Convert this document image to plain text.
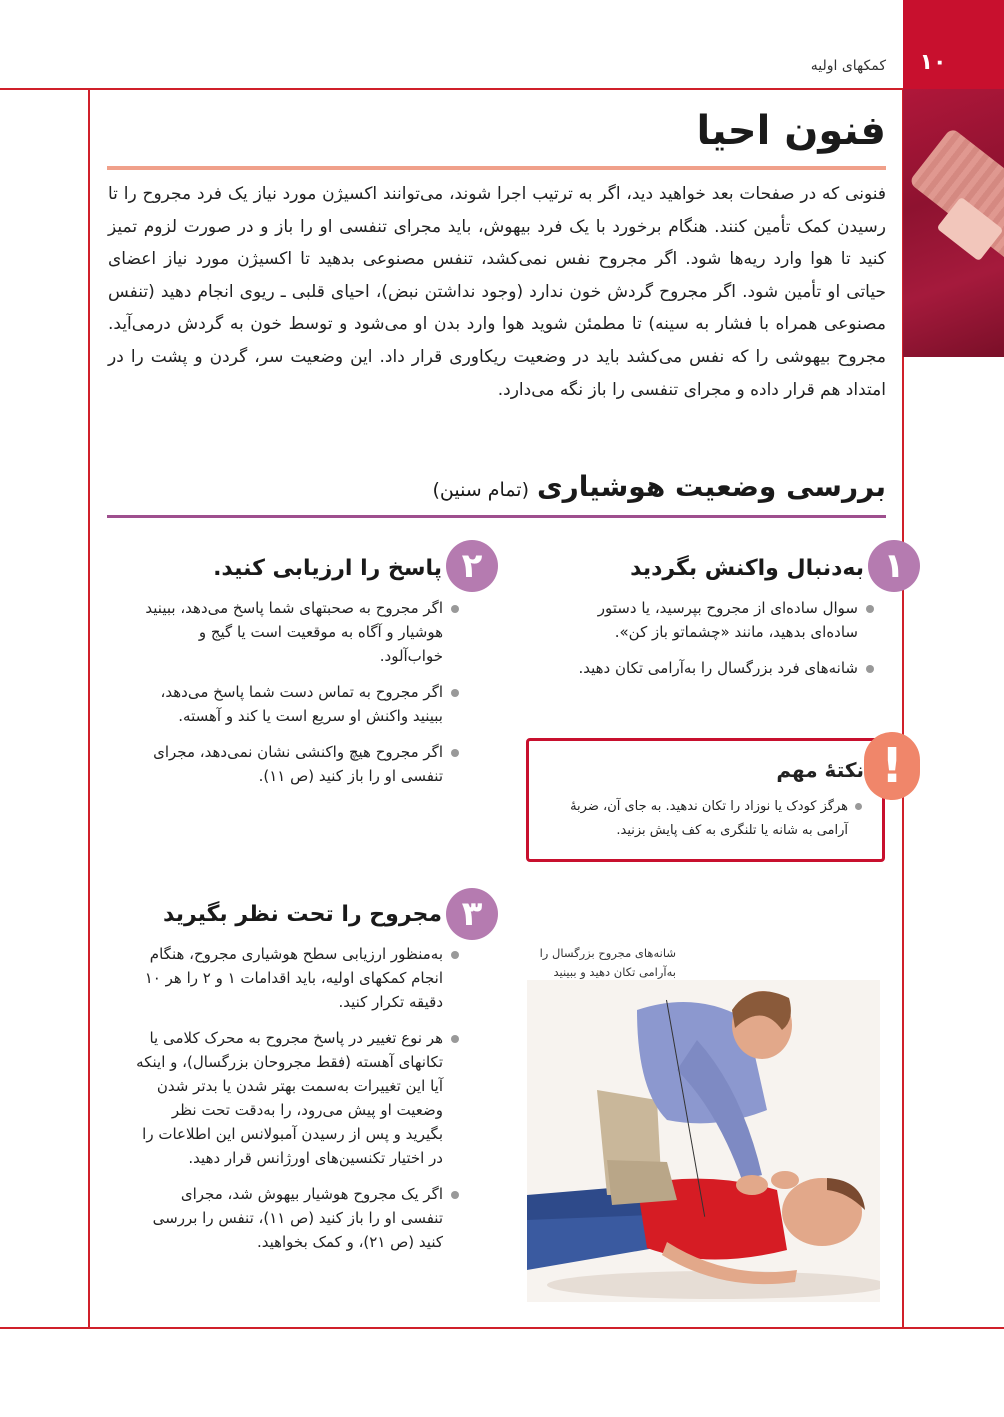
۱۰
کمکهای اولیه
فنون احیا

فنونی که در صفحات بعد خواهید دید، اگر به ترتیب اجرا شوند، می‌توانند اکسیژن مورد نیاز یک فرد مجروح را تا رسیدن کمک تأمین کنند. هنگام برخورد با یک فرد بیهوش، باید مجرای تنفسی او را باز و در صورت لزوم تمیز کنید تا هوا وارد ریه‌ها شود. اگر مجروح نفس نمی‌کشد، تنفس مصنوعی بدهید تا اکسیژن مورد نیاز اعضای حیاتی او تأمین شود. اگر مجروح گردش خون ندارد (وجود نداشتن نبض)، احیای قلبی ـ ریوی انجام دهید (تنفس مصنوعی همراه با فشار به سینه) تا مطمئن شوید هوا وارد بدن او می‌شود و توسط خون به گردش درمی‌آید. مجروح بیهوشی را که نفس می‌کشد باید در وضعیت ریکاوری قرار داد. این وضعیت سر، گردن و پشت را در امتداد هم قرار داده و مجرای تنفسی را باز نگه می‌دارد.

بررسی وضعیت هوشیاری(تمام سنین)
۱
به‌دنبال واکنش بگردید
سوال ساده‌ای از مجروح بپرسید، یا دستور ساده‌ای بدهید، مانند «چشماتو باز کن».
شانه‌های فرد بزرگسال را به‌آرامی تکان دهید.
۲
پاسخ را ارزیابی کنید.
اگر مجروح به صحبتهای شما پاسخ می‌دهد، ببینید هوشیار و آگاه به موقعیت است یا گیج و خواب‌آلود.
اگر مجروح به تماس دست شما پاسخ می‌دهد، ببینید واکنش او سریع است یا کند و آهسته.
اگر مجروح هیچ واکنشی نشان نمی‌دهد، مجرای تنفسی او را باز کنید (ص ۱۱).	!
نکتهٔ مهم
هرگز کودک یا نوزاد را تکان ندهید. به جای آن، ضربهٔ آرامی به شانه یا تلنگری به کف پایش بزنید.
۳
مجروح را تحت نظر بگیرید
به‌منظور ارزیابی سطح هوشیاری مجروح، هنگام انجام کمکهای اولیه، باید اقدامات ۱ و ۲ را هر ۱۰ دقیقه تکرار کنید.
هر نوع تغییر در پاسخ مجروح به محرک کلامی یا تکانهای آهسته (فقط مجروحان بزرگسال)، و اینکه آیا این تغییرات به‌سمت بهتر شدن یا بدتر شدن وضعیت او پیش می‌رود، را به‌دقت تحت نظر بگیرید و پس از رسیدن آمبولانس این اطلاعات را در اختیار تکنسین‌های اورژانس قرار دهید.
اگر یک مجروح هوشیار بیهوش شد، مجرای تنفسی او را باز کنید (ص ۱۱)، تنفس را بررسی کنید (ص ۲۱)، و کمک بخواهید.
شانه‌های مجروح بزرگسال را به‌آرامی تکان دهید و ببینید
